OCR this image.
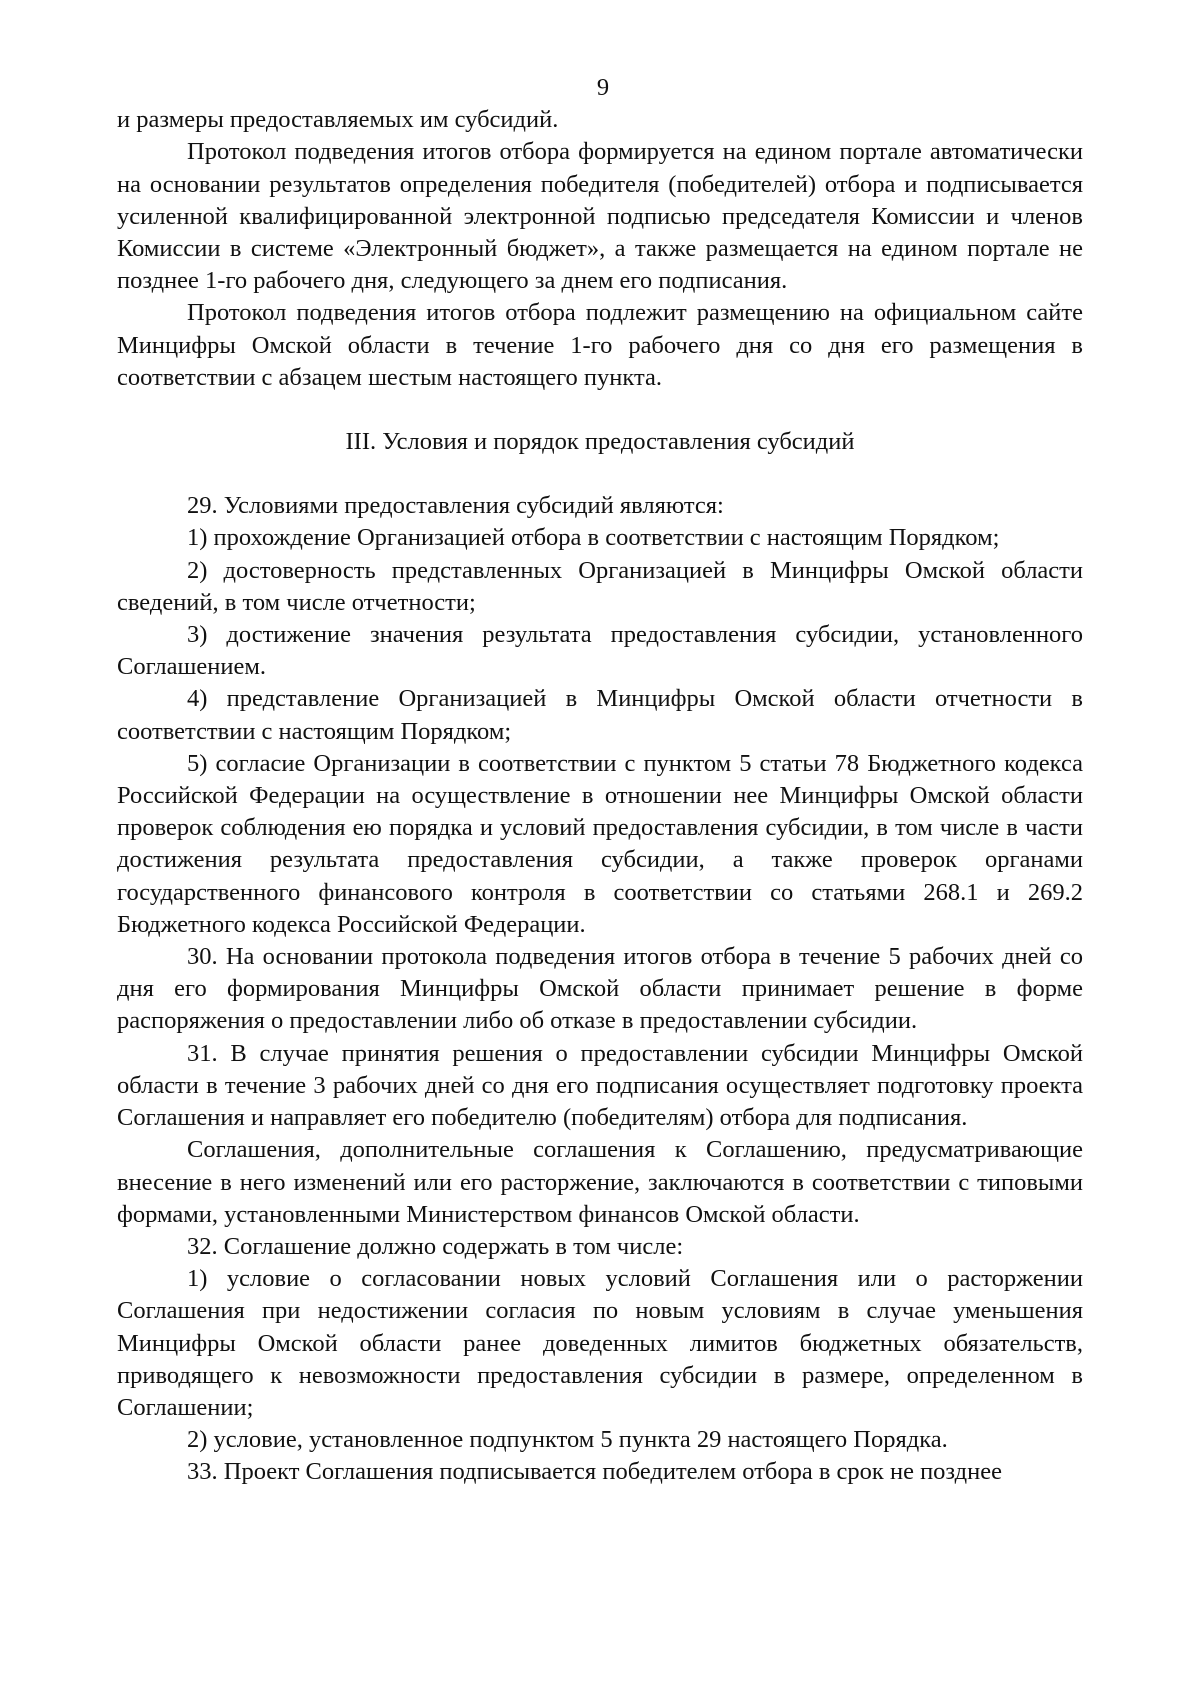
9

и размеры предоставляемых им субсидий.

Протокол подведения итогов отбора формируется на едином портале автоматически на основании результатов определения победителя (победителей) отбора и подписывается усиленной квалифицированной электронной подписью председателя Комиссии и членов Комиссии в системе «Электронный бюджет», а также размещается на едином портале не позднее 1-го рабочего дня, следующего за днем его подписания.

Протокол подведения итогов отбора подлежит размещению на официальном сайте Минцифры Омской области в течение 1-го рабочего дня со дня его размещения в соответствии с абзацем шестым настоящего пункта.

III. Условия и порядок предоставления субсидий

29. Условиями предоставления субсидий являются:

1) прохождение Организацией отбора в соответствии с настоящим Порядком;

2) достоверность представленных Организацией в Минцифры Омской области сведений, в том числе отчетности;

3) достижение значения результата предоставления субсидии, установленного Соглашением.

4) представление Организацией в Минцифры Омской области отчетности в соответствии с настоящим Порядком;

5) согласие Организации в соответствии с пунктом 5 статьи 78 Бюджетного кодекса Российской Федерации на осуществление в отношении нее Минцифры Омской области проверок соблюдения ею порядка и условий предоставления субсидии, в том числе в части достижения результата предоставления субсидии, а также проверок органами государственного финансового контроля в соответствии со статьями 268.1 и 269.2 Бюджетного кодекса Российской Федерации.

30. На основании протокола подведения итогов отбора в течение 5 рабочих дней со дня его формирования Минцифры Омской области принимает решение в форме распоряжения о предоставлении либо об отказе в предоставлении субсидии.

31. В случае принятия решения о предоставлении субсидии Минцифры Омской области в течение 3 рабочих дней со дня его подписания осуществляет подготовку проекта Соглашения и направляет его победителю (победителям) отбора для подписания.

Соглашения, дополнительные соглашения к Соглашению, предусматривающие внесение в него изменений или его расторжение, заключаются в соответствии с типовыми формами, установленными Министерством финансов Омской области.

32. Соглашение должно содержать в том числе:

1) условие о согласовании новых условий Соглашения или о расторжении Соглашения при недостижении согласия по новым условиям в случае уменьшения Минцифры Омской области ранее доведенных лимитов бюджетных обязательств, приводящего к невозможности предоставления субсидии в размере, определенном в Соглашении;

2) условие, установленное подпунктом 5 пункта 29 настоящего Порядка.

33. Проект Соглашения подписывается победителем отбора в срок не позднее
